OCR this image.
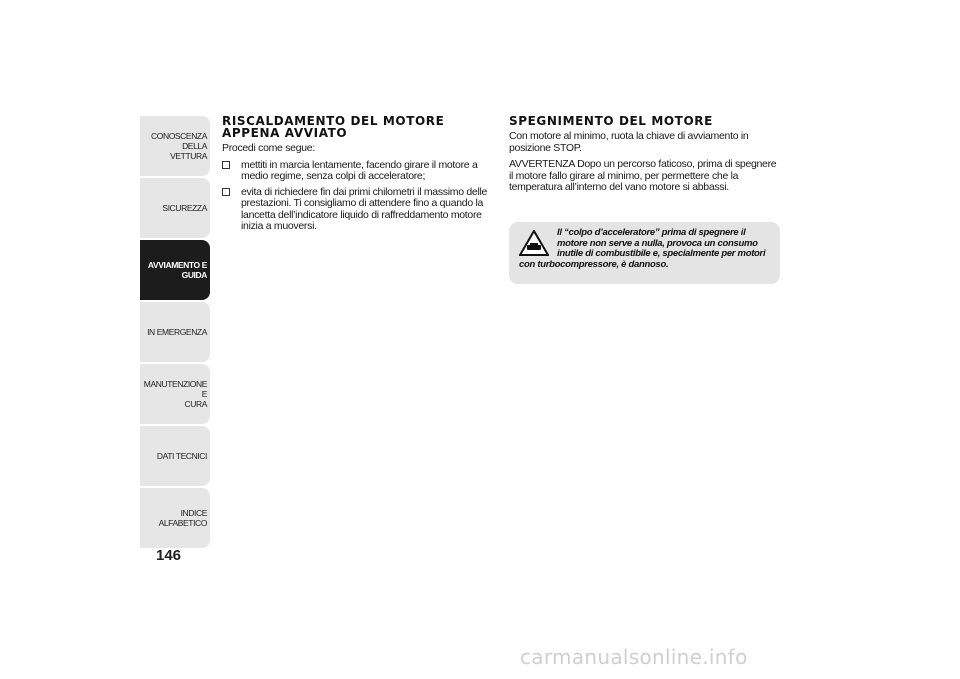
CONOSCENZA
DELLA VETTURA
SICUREZZA
AVVIAMENTO E
GUIDA
IN EMERGENZA
MANUTENZIONE E
CURA
DATI TECNICI
INDICE ALFABETICO
146
RISCALDAMENTO DEL MOTORE
APPENA AVVIATO

Procedi come segue:

mettiti in marcia lentamente, facendo girare il motore a medio regime, senza colpi di acceleratore;
evita di richiedere fin dai primi chilometri il massimo delle prestazioni. Ti consigliamo di attendere fino a quando la lancetta dell’indicatore liquido di raffreddamento motore inizia a muoversi.
SPEGNIMENTO DEL MOTORE

Con motore al minimo, ruota la chiave di avviamento in posizione STOP.

AVVERTENZA Dopo un percorso faticoso, prima di spegnere il motore fallo girare al minimo, per permettere che la temperatura all’interno del vano motore si abbassi.

Il “colpo d’acceleratore” prima di spegnere il motore non serve a nulla, provoca un consumo inutile di combustibile e, specialmente per motori con turbocompressore, è dannoso.
carmanualsonline.info
